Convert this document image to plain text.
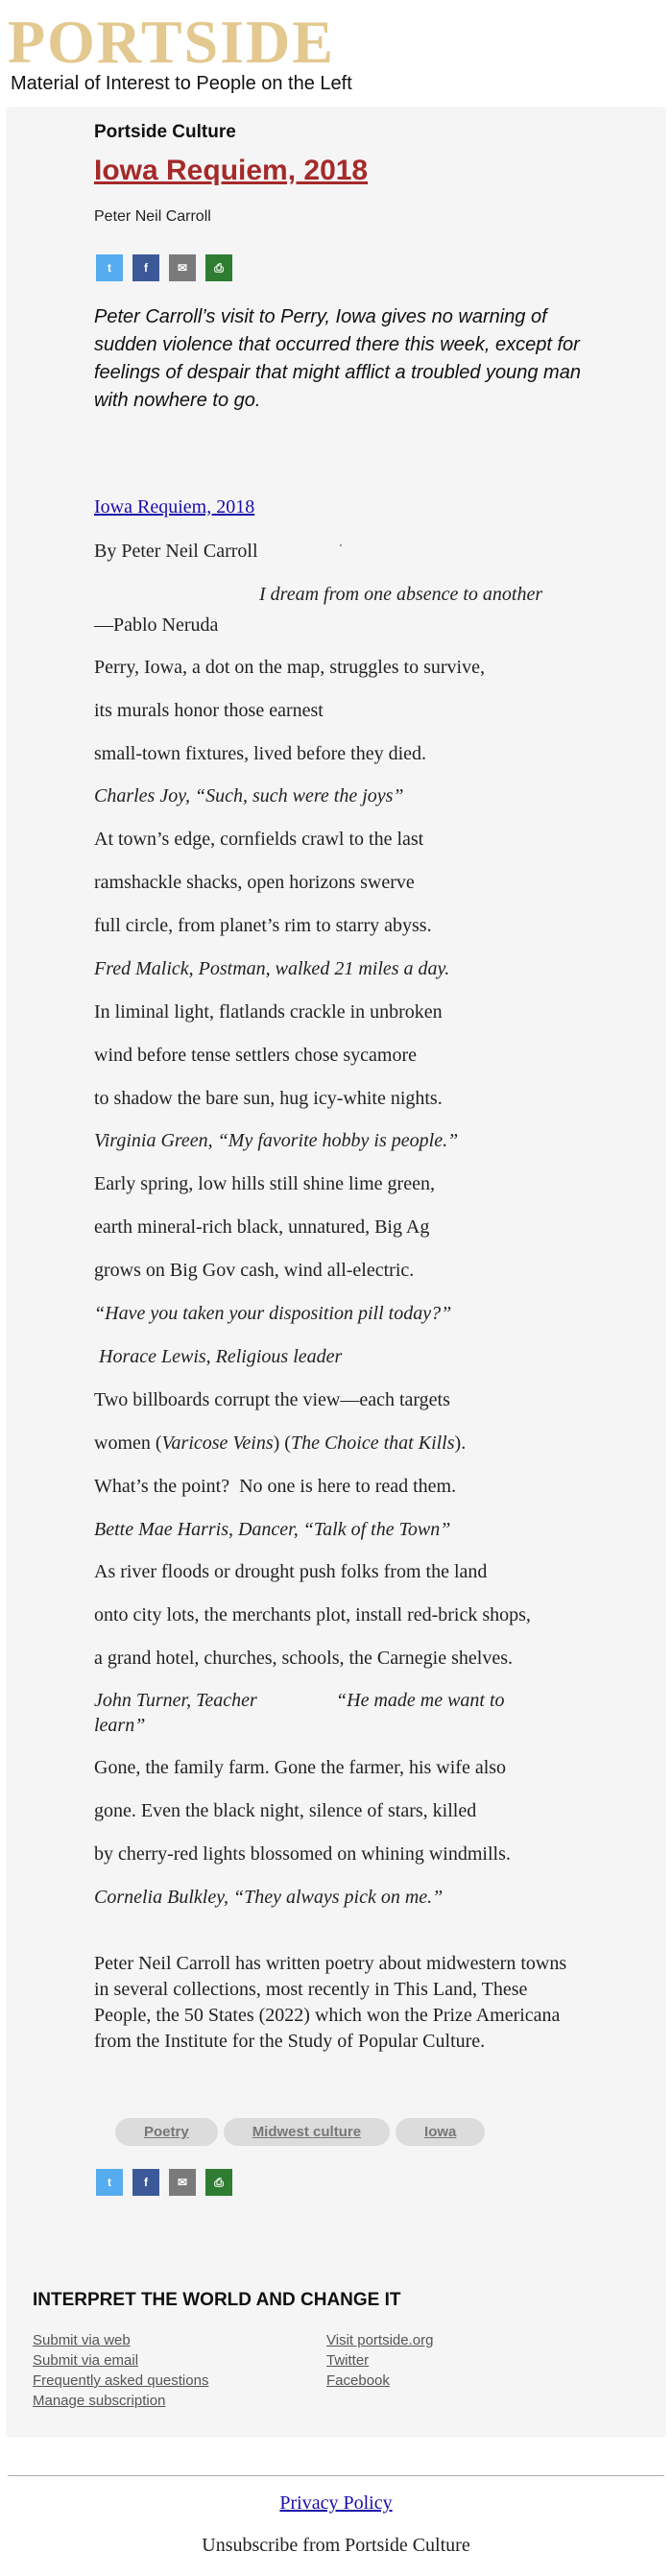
PORTSIDE
Material of Interest to People on the Left
Portside Culture
Iowa Requiem, 2018
Peter Neil Carroll
t	f	✉	⎙
Peter Carroll’s visit to Perry, Iowa gives no warning of sudden violence that occurred there this week, except for feelings of despair that might afflict a troubled young man with nowhere to go.
Iowa Requiem, 2018
By Peter Neil Carroll
I dream from one absence to another
—Pablo Neruda
Perry, Iowa, a dot on the map, struggles to survive,
its murals honor those earnest
small-town fixtures, lived before they died.
Charles Joy, “Such, such were the joys”
At town’s edge, cornfields crawl to the last
ramshackle shacks, open horizons swerve
full circle, from planet’s rim to starry abyss.
Fred Malick, Postman, walked 21 miles a day.
In liminal light, flatlands crackle in unbroken
wind before tense settlers chose sycamore
to shadow the bare sun, hug icy-white nights.
Virginia Green, “My favorite hobby is people.”
Early spring, low hills still shine lime green,
earth mineral-rich black, unnatured, Big Ag
grows on Big Gov cash, wind all-electric.
“Have you taken your disposition pill today?”
Horace Lewis, Religious leader
Two billboards corrupt the view—each targets
women (Varicose Veins) (The Choice that Kills).
What’s the point?  No one is here to read them.
Bette Mae Harris, Dancer, “Talk of the Town”
As river floods or drought push folks from the land
onto city lots, the merchants plot, install red-brick shops,
a grand hotel, churches, schools, the Carnegie shelves.
John Turner, Teacher	“He made me want to
learn”
Gone, the family farm. Gone the farmer, his wife also
gone. Even the black night, silence of stars, killed
by cherry-red lights blossomed on whining windmills.
Cornelia Bulkley, “They always pick on me.”
Peter Neil Carroll has written poetry about midwestern towns in several collections, most recently in This Land, These People, the 50 States (2022) which won the Prize Americana from the Institute for the Study of Popular Culture.
Poetry	Midwest culture	Iowa
t	f	✉	⎙
INTERPRET THE WORLD AND CHANGE IT
Submit via web
Submit via email
Frequently asked questions
Manage subscription
Visit portside.org
Twitter
Facebook
Privacy Policy
Unsubscribe from Portside Culture
